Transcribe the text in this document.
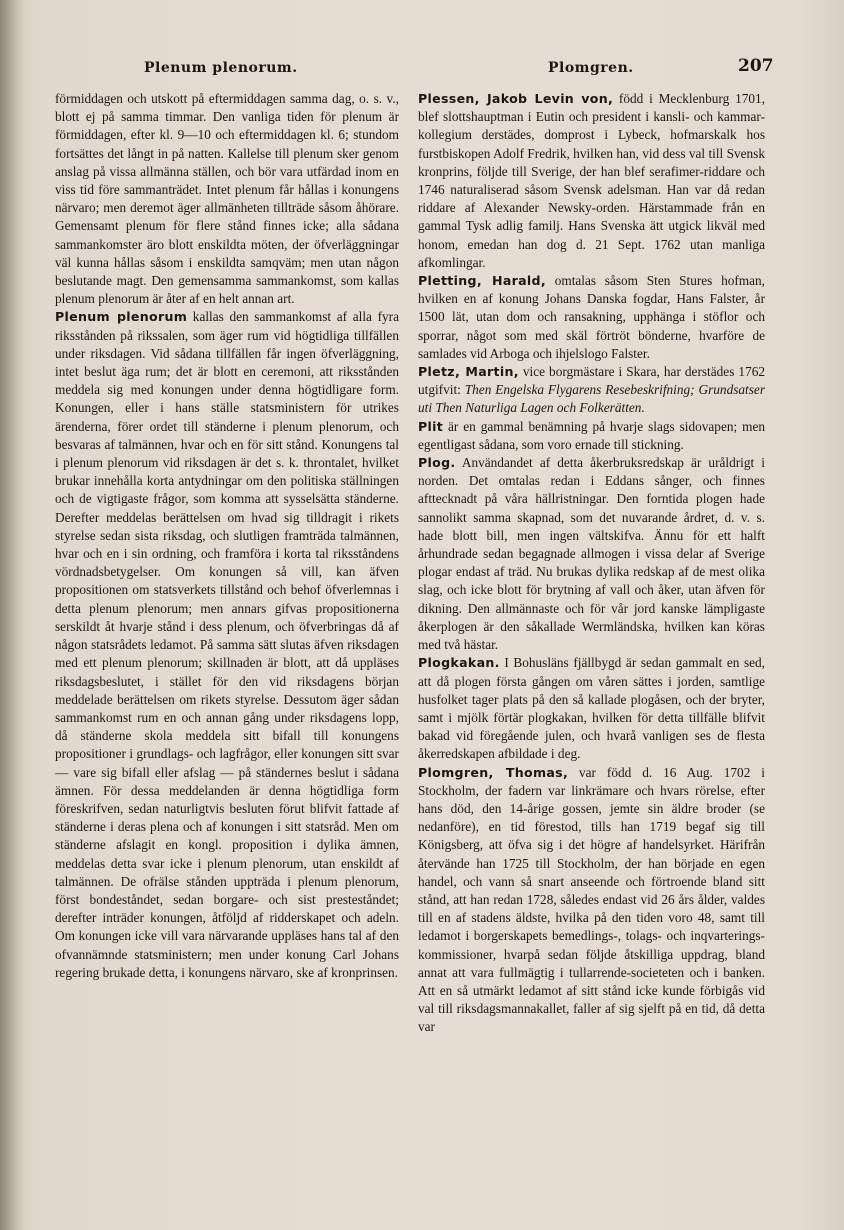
Plenum plenorum.	Plomgren.	207

förmiddagen och utskott på eftermiddagen samma dag, o. s. v., blott ej på samma timmar. Den vanliga tiden för plenum är förmiddagen, efter kl. 9—10 och eftermiddagen kl. 6; stundom fortsättes det långt in på natten. Kallelse till plenum sker genom anslag på vissa allmänna ställen, och bör vara utfärdad inom en viss tid före sammanträdet. Intet plenum får hållas i konungens närvaro; men deremot äger allmänheten tillträde såsom åhörare. Gemensamt plenum för flere stånd finnes icke; alla sådana sammankomster äro blott enskildta möten, der öfverläggningar väl kunna hållas såsom i enskildta samqväm; men utan någon beslutande magt. Den gemensamma sammankomst, som kallas plenum plenorum är åter af en helt annan art.

Plenum plenorum kallas den sammankomst af alla fyra riksstånden på rikssalen, som äger rum vid högtidliga tillfällen under riksdagen. Vid sådana tillfällen får ingen öfverläggning, intet beslut äga rum; det är blott en ceremoni, att riksstånden meddela sig med konungen under denna högtidligare form. Konungen, eller i hans ställe statsministern för utrikes ärenderna, förer ordet till ständerne i plenum plenorum, och besvaras af talmännen, hvar och en för sitt stånd. Konungens tal i plenum plenorum vid riksdagen är det s. k. throntalet, hvilket brukar innehålla korta antydningar om den politiska ställningen och de vigtigaste frågor, som komma att sysselsätta ständerne. Derefter meddelas berättelsen om hvad sig tilldragit i rikets styrelse sedan sista riksdag, och slutligen framträda talmännen, hvar och en i sin ordning, och framföra i korta tal riksståndens vördnadsbetygelser. Om konungen så vill, kan äfven propositionen om statsverkets tillstånd och behof öfverlemnas i detta plenum plenorum; men annars gifvas propositionerna serskildt åt hvarje stånd i dess plenum, och öfverbringas då af någon statsrådets ledamot. På samma sätt slutas äfven riksdagen med ett plenum plenorum; skillnaden är blott, att då uppläses riksdagsbeslutet, i stället för den vid riksdagens början meddelade berättelsen om rikets styrelse. Dessutom äger sådan sammankomst rum en och annan gång under riksdagens lopp, då ständerne skola meddela sitt bifall till konungens propositioner i grundlags- och lagfrågor, eller konungen sitt svar — vare sig bifall eller afslag — på ständernes beslut i sådana ämnen. För dessa meddelanden är denna högtidliga form föreskrifven, sedan naturligtvis besluten förut blifvit fattade af ständerne i deras plena och af konungen i sitt statsråd. Men om ständerne afslagit en kongl. proposition i dylika ämnen, meddelas detta svar icke i plenum plenorum, utan enskildt af talmännen. De ofrälse stånden uppträda i plenum plenorum, först bondeståndet, sedan borgare- och sist presteståndet; derefter inträder konungen, åtföljd af ridderskapet och adeln. Om konungen icke vill vara närvarande uppläses hans tal af den ofvannämnde statsministern; men under konung Carl Johans regering brukade detta, i konungens närvaro, ske af kronprinsen.

Plessen, Jakob Levin von, född i Mecklenburg 1701, blef slottshauptman i Eutin och president i kansli- och kammar-kollegium derstädes, domprost i Lybeck, hofmarskalk hos furstbiskopen Adolf Fredrik, hvilken han, vid dess val till Svensk kronprins, följde till Sverige, der han blef serafimer-riddare och 1746 naturaliserad såsom Svensk adelsman. Han var då redan riddare af Alexander Newsky-orden. Härstammade från en gammal Tysk adlig familj. Hans Svenska ätt utgick likväl med honom, emedan han dog d. 21 Sept. 1762 utan manliga afkomlingar.

Pletting, Harald, omtalas såsom Sten Stures hofman, hvilken en af konung Johans Danska fogdar, Hans Falster, år 1500 lät, utan dom och ransakning, upphänga i stöflor och sporrar, något som med skäl förtröt bönderne, hvarföre de samlades vid Arboga och ihjelslogo Falster.

Pletz, Martin, vice borgmästare i Skara, har derstädes 1762 utgifvit: Then Engelska Flygarens Resebeskrifning; Grundsatser uti Then Naturliga Lagen och Folkerätten.

Plit är en gammal benämning på hvarje slags sidovapen; men egentligast sådana, som voro ernade till stickning.

Plog. Användandet af detta åkerbruksredskap är uråldrigt i norden. Det omtalas redan i Eddans sånger, och finnes afttecknadt på våra hällristningar. Den forntida plogen hade sannolikt samma skapnad, som det nuvarande årdret, d. v. s. hade blott bill, men ingen vältskifva. Ännu för ett halft århundrade sedan begagnade allmogen i vissa delar af Sverige plogar endast af träd. Nu brukas dylika redskap af de mest olika slag, och icke blott för brytning af vall och åker, utan äfven för dikning. Den allmännaste och för vår jord kanske lämpligaste åkerplogen är den såkallade Wermländska, hvilken kan köras med två hästar.

Plogkakan. I Bohusläns fjällbygd är sedan gammalt en sed, att då plogen första gången om våren sättes i jorden, samtlige husfolket tager plats på den så kallade plogåsen, och der bryter, samt i mjölk förtär plogkakan, hvilken för detta tillfälle blifvit bakad vid föregående julen, och hvarå vanligen ses de flesta åkerredskapen afbildade i deg.

Plomgren, Thomas, var född d. 16 Aug. 1702 i Stockholm, der fadern var linkrämare och hvars rörelse, efter hans död, den 14-årige gossen, jemte sin äldre broder (se nedanföre), en tid förestod, tills han 1719 begaf sig till Königsberg, att öfva sig i det högre af handelsyrket. Härifrån återvände han 1725 till Stockholm, der han började en egen handel, och vann så snart anseende och förtroende bland sitt stånd, att han redan 1728, således endast vid 26 års ålder, valdes till en af stadens äldste, hvilka på den tiden voro 48, samt till ledamot i borgerskapets bemedlings-, tolags- och inqvarterings-kommissioner, hvarpå sedan följde åtskilliga uppdrag, bland annat att vara fullmägtig i tullarrende-societeten och i banken. Att en så utmärkt ledamot af sitt stånd icke kunde förbigås vid val till riksdagsmannakallet, faller af sig sjelft på en tid, då detta var
